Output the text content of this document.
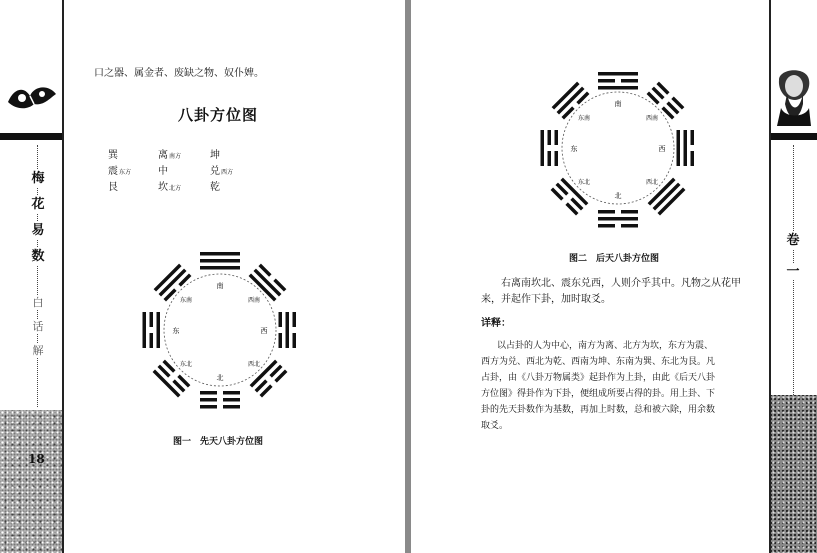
梅
花
易
数
白
话
解
18
口之器、属金者、废缺之物、奴仆婢。
八卦方位图
巽	离南方	坤
震东方	中	兑西方
艮	坎北方	乾
南
北
东	西
东南	西南
东北	西北
图一　先天八卦方位图
南
北
东	西
东南	西南
东北	西北
图二　后天八卦方位图
右离南坎北、震东兑西，人则介乎其中。凡物之从花甲
来，并起作下卦，加时取爻。
详释：
以占卦的人为中心，南方为离、北方为坎，东方为震、
西方为兑、西北为乾、西南为坤、东南为巽、东北为艮。凡
占卦，由《八卦万物属类》起卦作为上卦，由此《后天八卦
方位图》得卦作为下卦，便组成所要占得的卦。用上卦、下
卦的先天卦数作为基数，再加上时数，总和被六除，用余数
取爻。
卷
一
